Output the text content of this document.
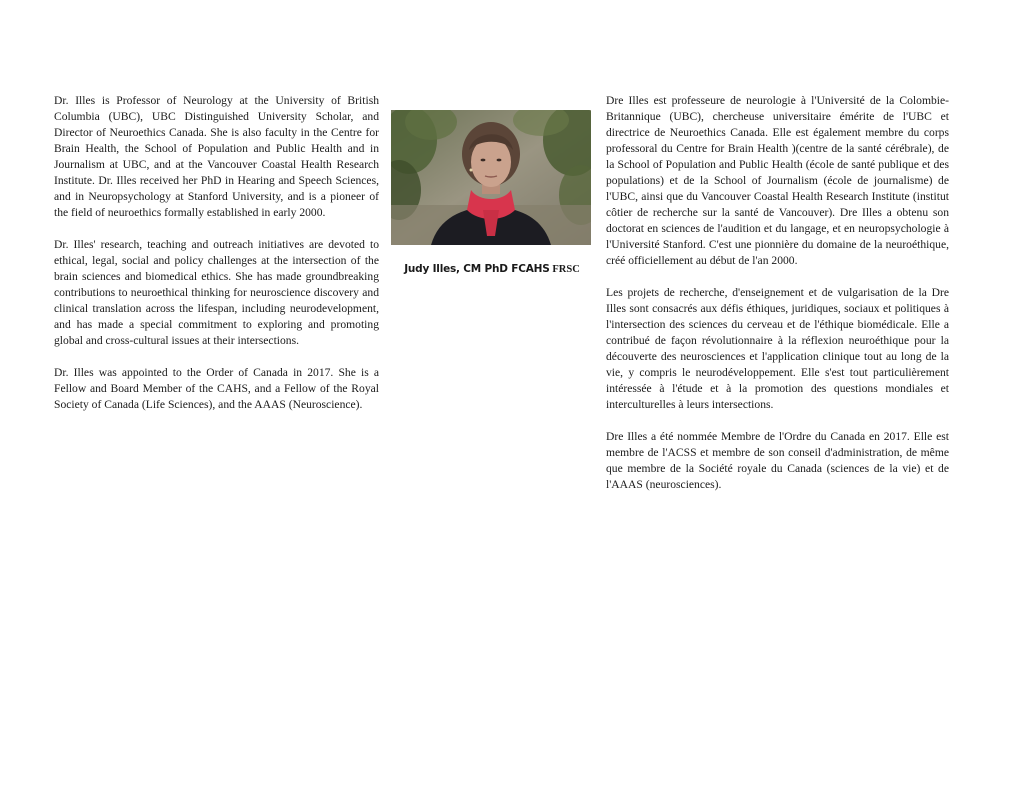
Dr. Illes is Professor of Neurology at the University of British Columbia (UBC), UBC Distinguished University Scholar, and Director of Neuroethics Canada. She is also faculty in the Centre for Brain Health, the School of Population and Public Health and in Journalism at UBC, and at the Vancouver Coastal Health Research Institute. Dr. Illes received her PhD in Hearing and Speech Sciences, and in Neuropsychology at Stanford University, and is a pioneer of the field of neuroethics formally established in early 2000.

Dr. Illes' research, teaching and outreach initiatives are devoted to ethical, legal, social and policy challenges at the intersection of the brain sciences and biomedical ethics. She has made groundbreaking contributions to neuroethical thinking for neuroscience discovery and clinical translation across the lifespan, including neurodevelopment, and has made a special commitment to exploring and promoting global and cross-cultural issues at their intersections.

Dr. Illes was appointed to the Order of Canada in 2017. She is a Fellow and Board Member of the CAHS, and a Fellow of the Royal Society of Canada (Life Sciences), and the AAAS (Neuroscience).

Judy Illes, CM PhD FCAHS FRSC

Dre Illes est professeure de neurologie à l'Université de la Colombie-Britannique (UBC), chercheuse universitaire émérite de l'UBC et directrice de Neuroethics Canada. Elle est également membre du corps professoral du Centre for Brain Health )(centre de la santé cérébrale), de la School of Population and Public Health (école de santé publique et des populations) et de la School of Journalism (école de journalisme) de l'UBC, ainsi que du Vancouver Coastal Health Research Institute (institut côtier de recherche sur la santé de Vancouver). Dre Illes a obtenu son doctorat en sciences de l'audition et du langage, et en neuropsychologie à l'Université Stanford. C'est une pionnière du domaine de la neuroéthique, créé officiellement au début de l'an 2000.

Les projets de recherche, d'enseignement et de vulgarisation de la Dre Illes sont consacrés aux défis éthiques, juridiques, sociaux et politiques à l'intersection des sciences du cerveau et de l'éthique biomédicale. Elle a contribué de façon révolutionnaire à la réflexion neuroéthique pour la découverte des neurosciences et l'application clinique tout au long de la vie, y compris le neurodéveloppement. Elle s'est tout particulièrement intéressée à l'étude et à la promotion des questions mondiales et interculturelles à leurs intersections.

Dre Illes a été nommée Membre de l'Ordre du Canada en 2017. Elle est membre de l'ACSS et membre de son conseil d'administration, de même que membre de la Société royale du Canada (sciences de la vie) et de l'AAAS (neurosciences).
